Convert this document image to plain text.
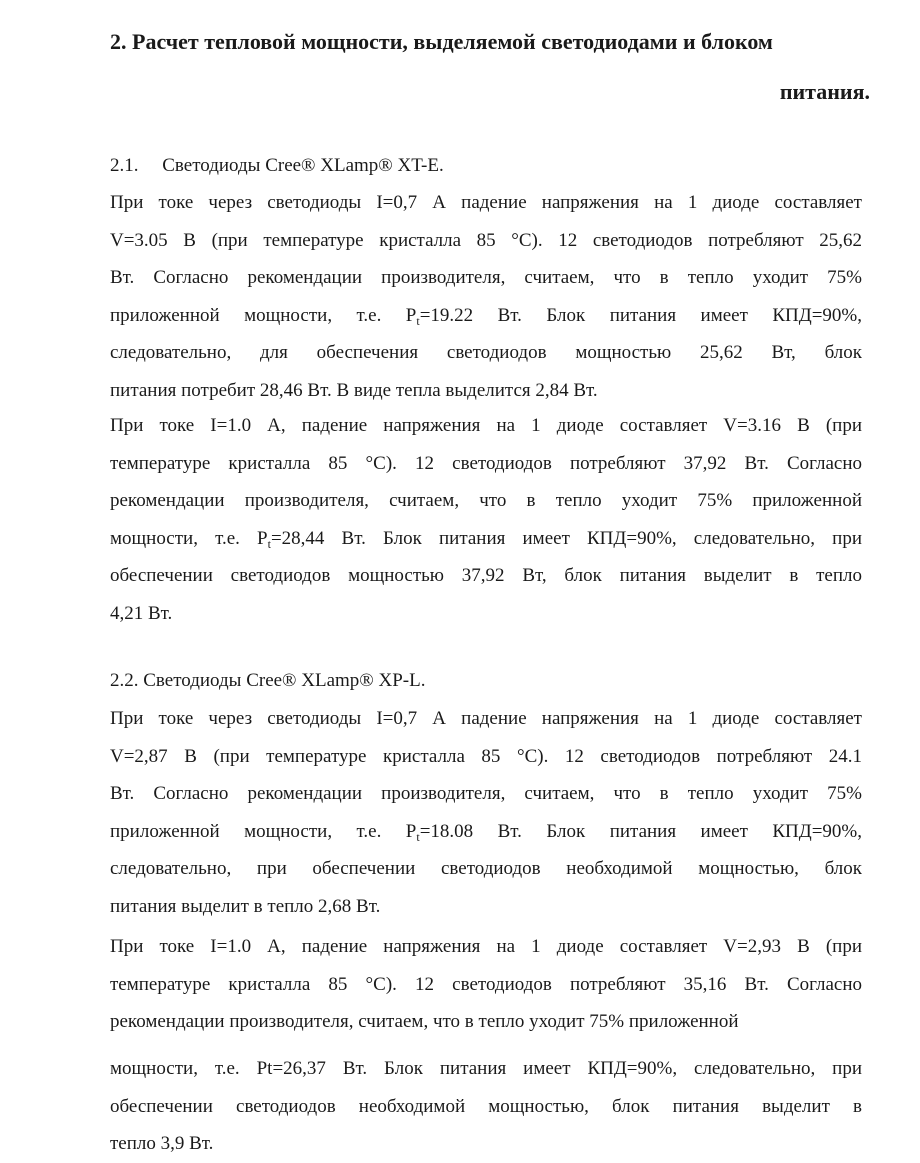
2. Расчет тепловой мощности, выделяемой светодиодами и блоком
питания.
2.1.     Светодиоды Cree® XLamp® XT-E.
При токе через светодиоды I=0,7 А падение напряжения на 1 диоде составляет
V=3.05 В (при температуре кристалла 85 °С). 12 светодиодов потребляют 25,62
Вт. Согласно рекомендации производителя, считаем, что в тепло уходит 75%
приложенной мощности, т.е. $P_t=19.22$ Вт. Блок питания имеет КПД=90%,
следовательно, для обеспечения светодиодов мощностью 25,62 Вт, блок
питания потребит 28,46 Вт. В виде тепла выделится 2,84 Вт.
При токе I=1.0 А, падение напряжения на 1 диоде составляет V=3.16 В (при
температуре кристалла 85 °С). 12 светодиодов потребляют 37,92 Вт. Согласно
рекомендации производителя, считаем, что в тепло уходит 75% приложенной
мощности, т.е. $P_t=28,44$ Вт. Блок питания имеет КПД=90%, следовательно, при
обеспечении светодиодов мощностью 37,92 Вт, блок питания выделит в тепло
4,21 Вт.
2.2. Светодиоды Cree® XLamp® XP-L.
При токе через светодиоды I=0,7 А падение напряжения на 1 диоде составляет
V=2,87 В (при температуре кристалла 85 °С). 12 светодиодов потребляют 24.1
Вт. Согласно рекомендации производителя, считаем, что в тепло уходит 75%
приложенной мощности, т.е. $P_t=18.08$ Вт. Блок питания имеет КПД=90%,
следовательно, при обеспечении светодиодов необходимой мощностью, блок
питания выделит в тепло 2,68 Вт.
При токе I=1.0 А, падение напряжения на 1 диоде составляет V=2,93 В (при
температуре кристалла 85 °С). 12 светодиодов потребляют 35,16 Вт. Согласно
рекомендации производителя, считаем, что в тепло уходит 75% приложенной
мощности, т.е. Pt=26,37 Вт. Блок питания имеет КПД=90%, следовательно, при
обеспечении светодиодов необходимой мощностью, блок питания выделит в
тепло 3,9 Вт.
